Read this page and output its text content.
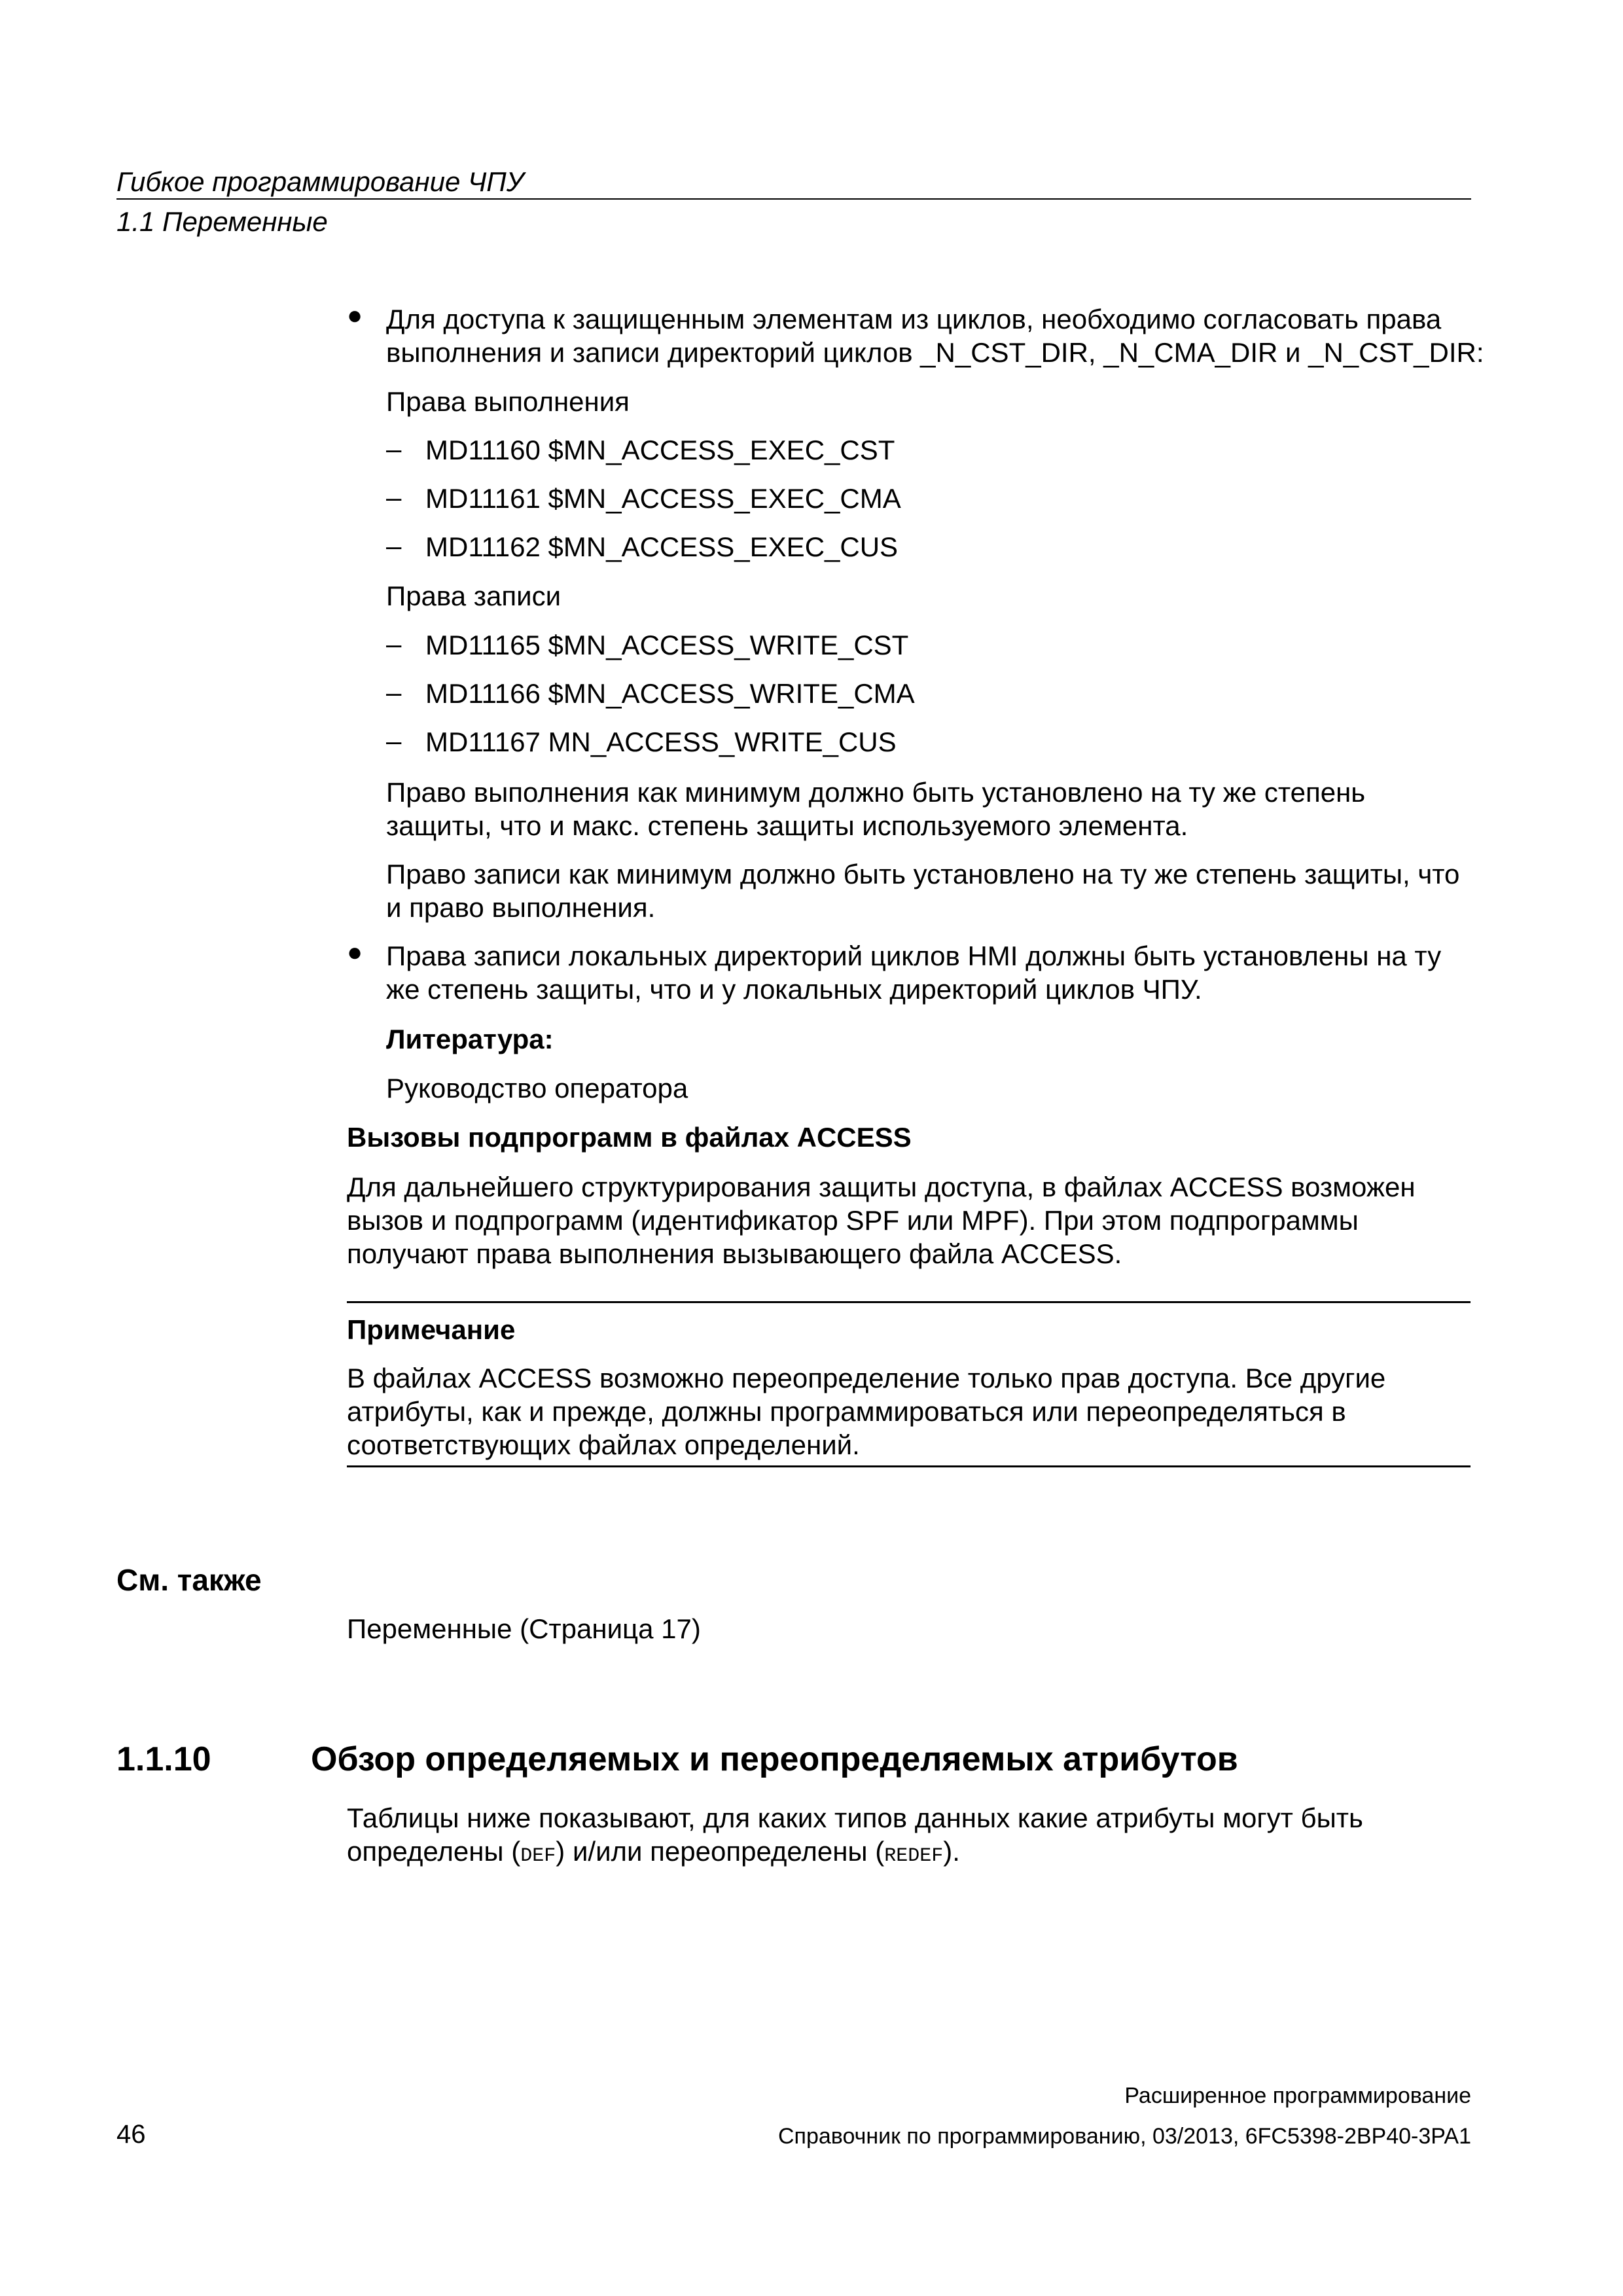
Гибкое программирование ЧПУ
1.1 Переменные
● Для доступа к защищенным элементам из циклов, необходимо согласовать права

выполнения и записи директорий циклов _N_CST_DIR, _N_CMA_DIR и _N_CST_DIR:

Права выполнения

– MD11160 $MN_ACCESS_EXEC_CST

– MD11161 $MN_ACCESS_EXEC_CMA

– MD11162 $MN_ACCESS_EXEC_CUS

Права записи

– MD11165 $MN_ACCESS_WRITE_CST

– MD11166 $MN_ACCESS_WRITE_CMA

– MD11167 MN_ACCESS_WRITE_CUS

Право выполнения как минимум должно быть установлено на ту же степень

защиты, что и макс. степень защиты используемого элемента.

Право записи как минимум должно быть установлено на ту же степень защиты, что

и право выполнения.

● Права записи локальных директорий циклов HMI должны быть установлены на ту

же степень защиты, что и у локальных директорий циклов ЧПУ.

Литература:

Руководство оператора

Вызовы подпрограмм в файлах ACCESS

Для дальнейшего структурирования защиты доступа, в файлах ACCESS возможен

вызов и подпрограмм (идентификатор SPF или MPF). При этом подпрограммы

получают права выполнения вызывающего файла ACCESS.

Примечание

В файлах ACCESS возможно переопределение только прав доступа. Все другие

атрибуты, как и прежде, должны программироваться или переопределяться в

соответствующих файлах определений.

См. также

Переменные (Страница 17)

1.1.10	Обзор определяемых и переопределяемых атрибутов

Таблицы ниже показывают, для каких типов данных какие атрибуты могут быть

определены (DEF) и/или переопределены (REDEF).

Расширенное программирование
46	Справочник по программированию, 03/2013, 6FC5398-2BP40-3PA1
